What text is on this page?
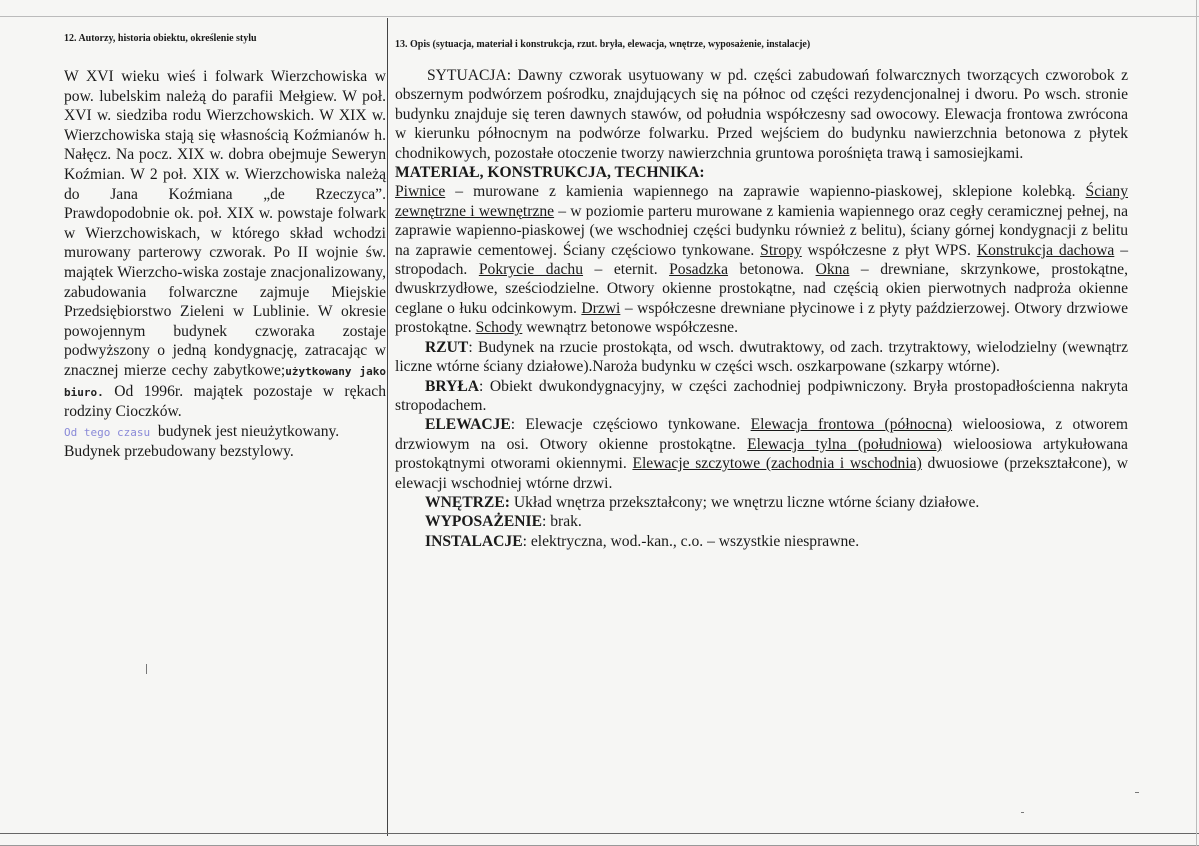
12. Autorzy, historia obiektu, określenie stylu
13. Opis (sytuacja, materiał i konstrukcja, rzut. bryła, elewacja, wnętrze, wyposażenie, instalacje)

W XVI wieku wieś i folwark Wierzchowiska w pow. lubelskim należą do parafii Mełgiew. W poł. XVI w. siedziba rodu Wierzchowskich. W XIX w. Wierzchowiska stają się własnością Koźmianów h. Nałęcz. Na pocz. XIX w. dobra obejmuje Seweryn Koźmian. W 2 poł. XIX w. Wierzchowiska należą do Jana Koźmiana „de Rzeczyca”. Prawdopodobnie ok. poł. XIX w. powstaje folwark w Wierzchowiskach, w którego skład wchodzi murowany parterowy czworak. Po II wojnie św. majątek Wierzcho-wiska zostaje znacjonalizowany, zabudowania folwarczne zajmuje Miejskie Przedsiębiorstwo Zieleni w Lublinie. W okresie powojennym budynek czworaka zostaje podwyższony o jedną kondygnację, zatracając w znacznej mierze cechy zabytkowe;użytkowany jako biuro. Od 1996r. majątek pozostaje w rękach rodziny Cioczków.

Od tego czasu budynek jest nieużytkowany.

Budynek przebudowany bezstylowy.

SYTUACJA: Dawny czworak usytuowany w pd. części zabudowań folwarcznych tworzących czworobok z obszernym podwórzem pośrodku, znajdujących się na północ od części rezydencjonalnej i dworu. Po wsch. stronie budynku znajduje się teren dawnych stawów, od południa współczesny sad owocowy. Elewacja frontowa zwrócona w kierunku północnym na podwórze folwarku. Przed wejściem do budynku nawierzchnia betonowa z płytek chodnikowych, pozostałe otoczenie tworzy nawierzchnia gruntowa porośnięta trawą i samosiejkami.

MATERIAŁ, KONSTRUKCJA, TECHNIKA:

Piwnice – murowane z kamienia wapiennego na zaprawie wapienno-piaskowej, sklepione kolebką. Ściany zewnętrzne i wewnętrzne – w poziomie parteru murowane z kamienia wapiennego oraz cegły ceramicznej pełnej, na zaprawie wapienno-piaskowej (we wschodniej części budynku również z belitu), ściany górnej kondygnacji z belitu na zaprawie cementowej. Ściany częściowo tynkowane. Stropy współczesne z płyt WPS. Konstrukcja dachowa – stropodach. Pokrycie dachu – eternit. Posadzka betonowa. Okna – drewniane, skrzynkowe, prostokątne, dwuskrzydłowe, sześciodzielne. Otwory okienne prostokątne, nad częścią okien pierwotnych nadproża okienne ceglane o łuku odcinkowym. Drzwi – współczesne drewniane płycinowe i z płyty paździerzowej. Otwory drzwiowe prostokątne. Schody wewnątrz betonowe współczesne.

RZUT: Budynek na rzucie prostokąta, od wsch. dwutraktowy, od zach. trzytraktowy, wielodzielny (wewnątrz liczne wtórne ściany działowe).Naroża budynku w części wsch. oszkarpowane (szkarpy wtórne).

BRYŁA: Obiekt dwukondygnacyjny, w części zachodniej podpiwniczony. Bryła prostopadłościenna nakryta stropodachem.

ELEWACJE: Elewacje częściowo tynkowane. Elewacja frontowa (północna) wieloosiowa, z otworem drzwiowym na osi. Otwory okienne prostokątne. Elewacja tylna (południowa) wieloosiowa artykułowana prostokątnymi otworami okiennymi. Elewacje szczytowe (zachodnia i wschodnia) dwuosiowe (przekształcone), w elewacji wschodniej wtórne drzwi.

WNĘTRZE: Układ wnętrza przekształcony; we wnętrzu liczne wtórne ściany działowe.

WYPOSAŻENIE: brak.

INSTALACJE: elektryczna, wod.-kan., c.o. – wszystkie niesprawne.
